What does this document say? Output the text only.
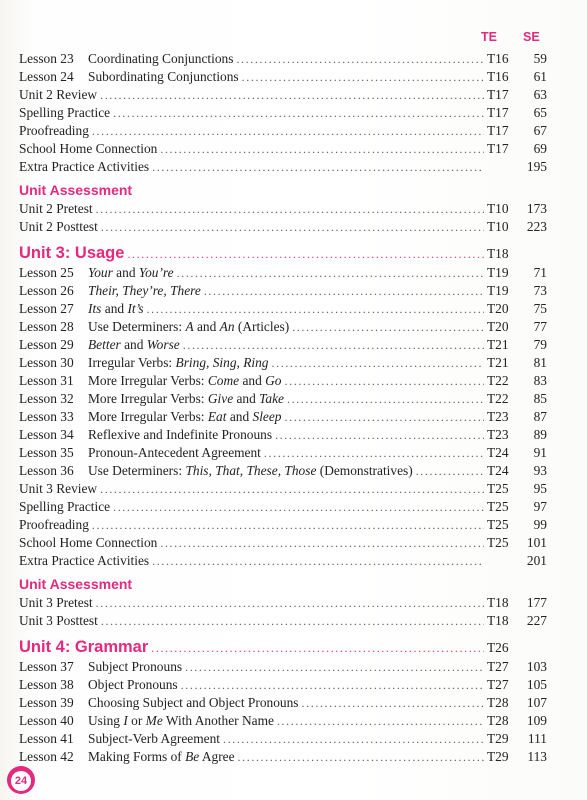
TE SE
Lesson 23	Coordinating Conjunctions .....	T16	59
Lesson 24	Subordinating Conjunctions .....	T16	61
Unit 2 Review .....	T17	63
Spelling Practice .....	T17	65
Proofreading .....	T17	67
School Home Connection .....	T17	69
Extra Practice Activities .....	195
Unit Assessment
Unit 2 Pretest .....	T10	173
Unit 2 Posttest .....	T10	223
Unit 3: Usage .....	T18
Lesson 25	Your and You’re .....	T19	71
Lesson 26	Their, They’re, There .....	T19	73
Lesson 27	Its and It’s .....	T20	75
Lesson 28	Use Determiners: A and An (Articles) .....	T20	77
Lesson 29	Better and Worse .....	T21	79
Lesson 30	Irregular Verbs: Bring, Sing, Ring .....	T21	81
Lesson 31	More Irregular Verbs: Come and Go .....	T22	83
Lesson 32	More Irregular Verbs: Give and Take .....	T22	85
Lesson 33	More Irregular Verbs: Eat and Sleep .....	T23	87
Lesson 34	Reflexive and Indefinite Pronouns .....	T23	89
Lesson 35	Pronoun-Antecedent Agreement .....	T24	91
Lesson 36	Use Determiners: This, That, These, Those (Demonstratives) .....	T24	93
Unit 3 Review .....	T25	95
Spelling Practice .....	T25	97
Proofreading .....	T25	99
School Home Connection .....	T25	101
Extra Practice Activities .....	201
Unit Assessment
Unit 3 Pretest .....	T18	177
Unit 3 Posttest .....	T18	227
Unit 4: Grammar .....	T26
Lesson 37	Subject Pronouns .....	T27	103
Lesson 38	Object Pronouns .....	T27	105
Lesson 39	Choosing Subject and Object Pronouns .....	T28	107
Lesson 40	Using I or Me With Another Name .....	T28	109
Lesson 41	Subject-Verb Agreement .....	T29	111
Lesson 42	Making Forms of Be Agree .....	T29	113
24
